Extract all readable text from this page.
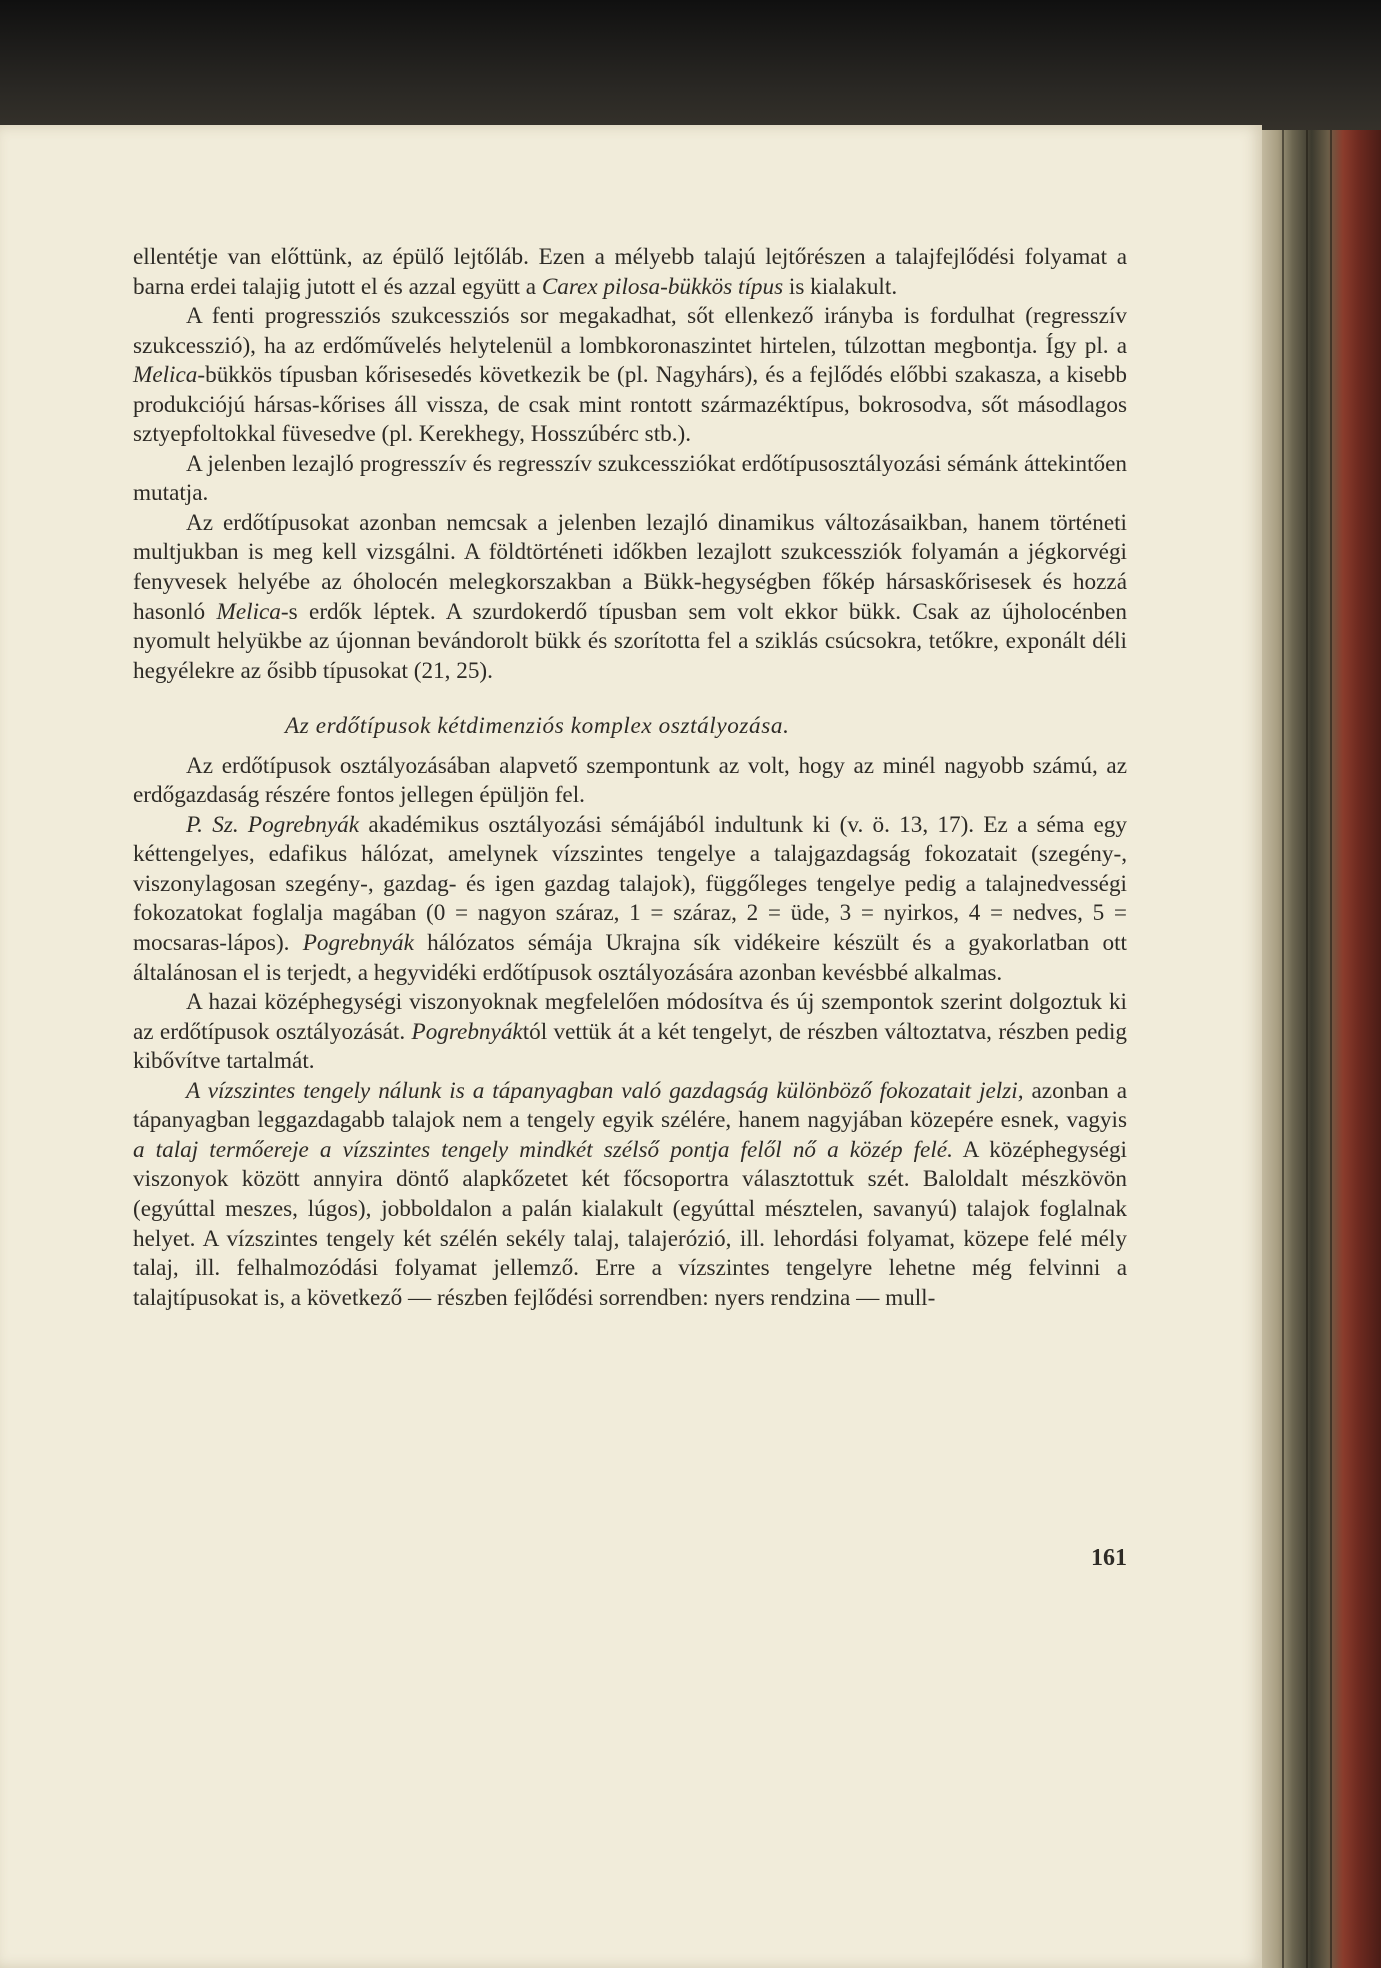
ellentétje van előttünk, az épülő lejtőláb. Ezen a mélyebb talajú lejtőrészen a talajfejlődési folyamat a barna erdei talajig jutott el és azzal együtt a Carex pilosa-bükkös típus is kialakult.

A fenti progressziós szukcessziós sor megakadhat, sőt ellenkező irányba is fordulhat (regresszív szukcesszió), ha az erdőművelés helytelenül a lombkoronaszintet hirtelen, túlzottan megbontja. Így pl. a Melica-bükkös típusban kőrisesedés következik be (pl. Nagyhárs), és a fejlődés előbbi szakasza, a kisebb produkciójú hársas-kőrises áll vissza, de csak mint rontott származéktípus, bokrosodva, sőt másodlagos sztyepfoltokkal füvesedve (pl. Kerekhegy, Hosszúbérc stb.).

A jelenben lezajló progresszív és regresszív szukcessziókat erdőtípusosztályozási sémánk áttekintően mutatja.

Az erdőtípusokat azonban nemcsak a jelenben lezajló dinamikus változásaikban, hanem történeti multjukban is meg kell vizsgálni. A földtörténeti időkben lezajlott szukcessziók folyamán a jégkorvégi fenyvesek helyébe az óholocén melegkorszakban a Bükk-hegységben főkép hársaskőrisesek és hozzá hasonló Melica-s erdők léptek. A szurdokerdő típusban sem volt ekkor bükk. Csak az újholocénben nyomult helyükbe az újonnan bevándorolt bükk és szorította fel a sziklás csúcsokra, tetőkre, exponált déli hegyélekre az ősibb típusokat (21, 25).

Az erdőtípusok kétdimenziós komplex osztályozása.

Az erdőtípusok osztályozásában alapvető szempontunk az volt, hogy az minél nagyobb számú, az erdőgazdaság részére fontos jellegen épüljön fel.

P. Sz. Pogrebnyák akadémikus osztályozási sémájából indultunk ki (v. ö. 13, 17). Ez a séma egy kéttengelyes, edafikus hálózat, amelynek vízszintes tengelye a talajgazdagság fokozatait (szegény-, viszonylagosan szegény-, gazdag- és igen gazdag talajok), függőleges tengelye pedig a talajnedvességi fokozatokat foglalja magában (0 = nagyon száraz, 1 = száraz, 2 = üde, 3 = nyirkos, 4 = nedves, 5 = mocsaras-lápos). Pogrebnyák hálózatos sémája Ukrajna sík vidékeire készült és a gyakorlatban ott általánosan el is terjedt, a hegyvidéki erdőtípusok osztályozására azonban kevésbbé alkalmas.

A hazai középhegységi viszonyoknak megfelelően módosítva és új szempontok szerint dolgoztuk ki az erdőtípusok osztályozását. Pogrebnyáktól vettük át a két tengelyt, de részben változtatva, részben pedig kibővítve tartalmát.

A vízszintes tengely nálunk is a tápanyagban való gazdagság különböző fokozatait jelzi, azonban a tápanyagban leggazdagabb talajok nem a tengely egyik szélére, hanem nagyjában közepére esnek, vagyis a talaj termőereje a vízszintes tengely mindkét szélső pontja felől nő a közép felé. A középhegységi viszonyok között annyira döntő alapkőzetet két főcsoportra választottuk szét. Baloldalt mészkövön (egyúttal meszes, lúgos), jobboldalon a palán kialakult (egyúttal mésztelen, savanyú) talajok foglalnak helyet. A vízszintes tengely két szélén sekély talaj, talajerózió, ill. lehordási folyamat, közepe felé mély talaj, ill. felhalmozódási folyamat jellemző. Erre a vízszintes tengelyre lehetne még felvinni a talajtípusokat is, a következő — részben fejlődési sorrendben: nyers rendzina — mull-

161
